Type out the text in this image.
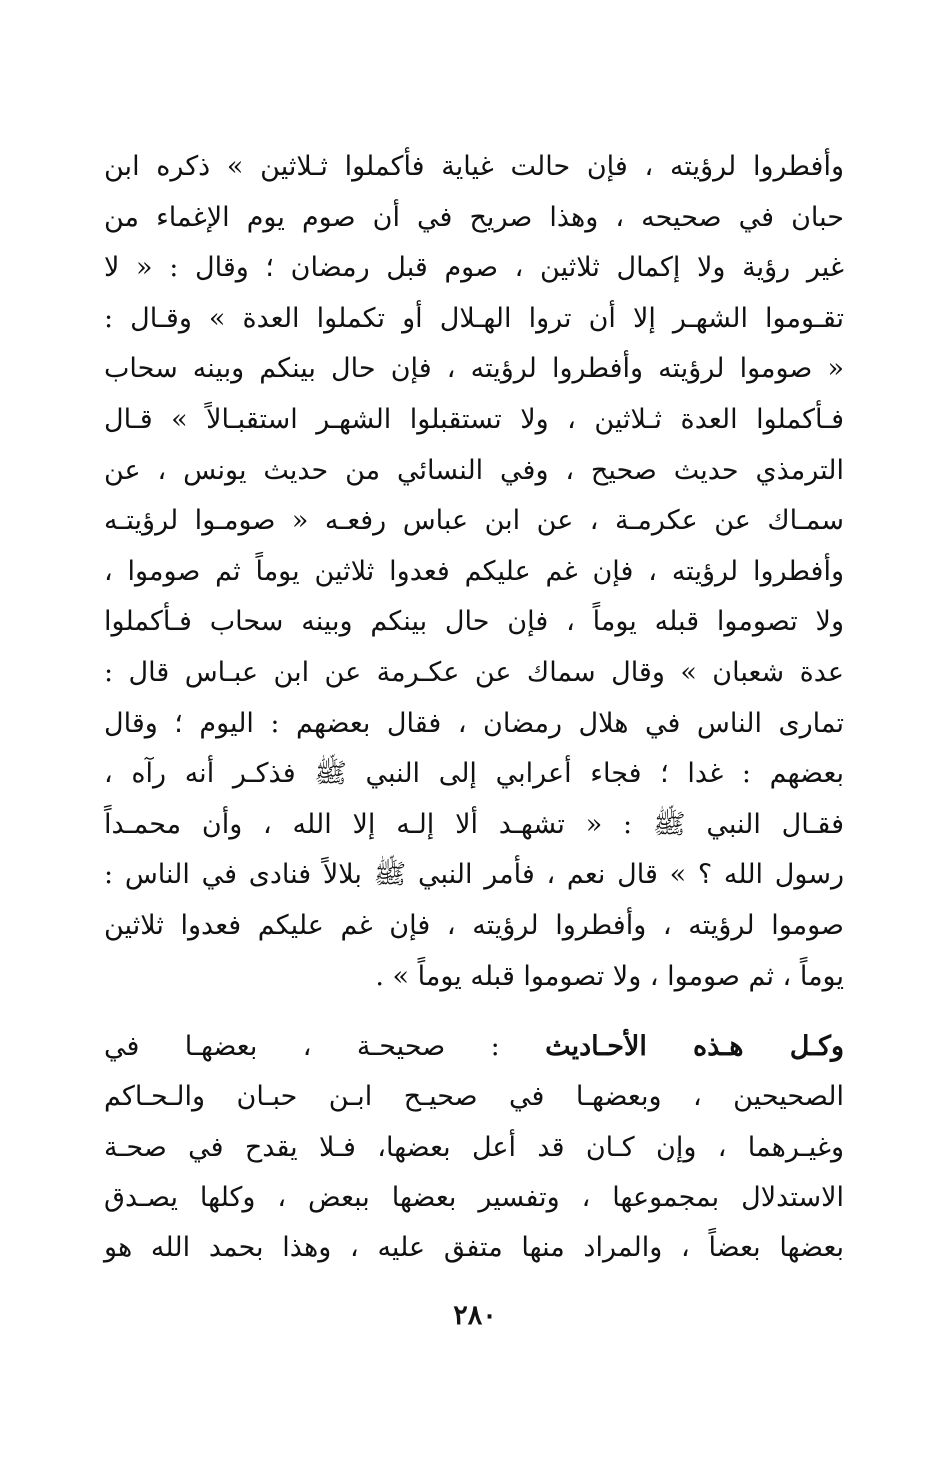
وأفطروا لرؤيته ، فإن حالت غياية فأكملوا ثـلاثين » ذكره ابن
حبان في صحيحه ، وهذا صريح في أن صوم يوم الإغماء من
غير رؤية ولا إكمال ثلاثين ، صوم قبل رمضان ؛ وقال : « لا
تقـوموا الشهـر إلا أن تروا الهـلال أو تكملوا العدة » وقـال :
« صوموا لرؤيته وأفطروا لرؤيته ، فإن حال بينكم وبينه سحاب
فـأكملوا العدة ثـلاثين ، ولا تستقبلوا الشهـر استقبـالاً » قـال
الترمذي حديث صحيح ، وفي النسائي من حديث يونس ، عن
سمـاك عن عكرمـة ، عن ابن عباس رفعـه « صومـوا لرؤيتـه
وأفطروا لرؤيته ، فإن غم عليكم فعدوا ثلاثين يوماً ثم صوموا ،
ولا تصوموا قبله يوماً ، فإن حال بينكم وبينه سحاب فـأكملوا
عدة شعبان » وقال سماك عن عكـرمة عن ابن عبـاس قال :
تمارى الناس في هلال رمضان ، فقال بعضهم : اليوم ؛ وقال
بعضهم : غدا ؛ فجاء أعرابي إلى النبي ﷺ فذكـر أنه رآه ،
فقـال النبي ﷺ : « تشهـد ألا إلـه إلا الله ، وأن محمـداً
رسول الله ؟ » قال نعم ، فأمر النبي ﷺ بلالاً فنادى في الناس :
صوموا لرؤيته ، وأفطروا لرؤيته ، فإن غم عليكم فعدوا ثلاثين
يوماً ، ثم صوموا ، ولا تصوموا قبله يوماً » .
وكـل هـذه الأحـاديث : صحيحـة ، بعضهـا في
الصحيحين ، وبعضهـا في صحيـح ابـن حبـان والـحـاكم
وغيـرهما ، وإن كـان قد أعل بعضها، فـلا يقدح في صحـة
الاستدلال بمجموعها ، وتفسير بعضها ببعض ، وكلها يصـدق
بعضها بعضاً ، والمراد منها متفق عليه ، وهذا بحمد الله هو
٢٨٠
